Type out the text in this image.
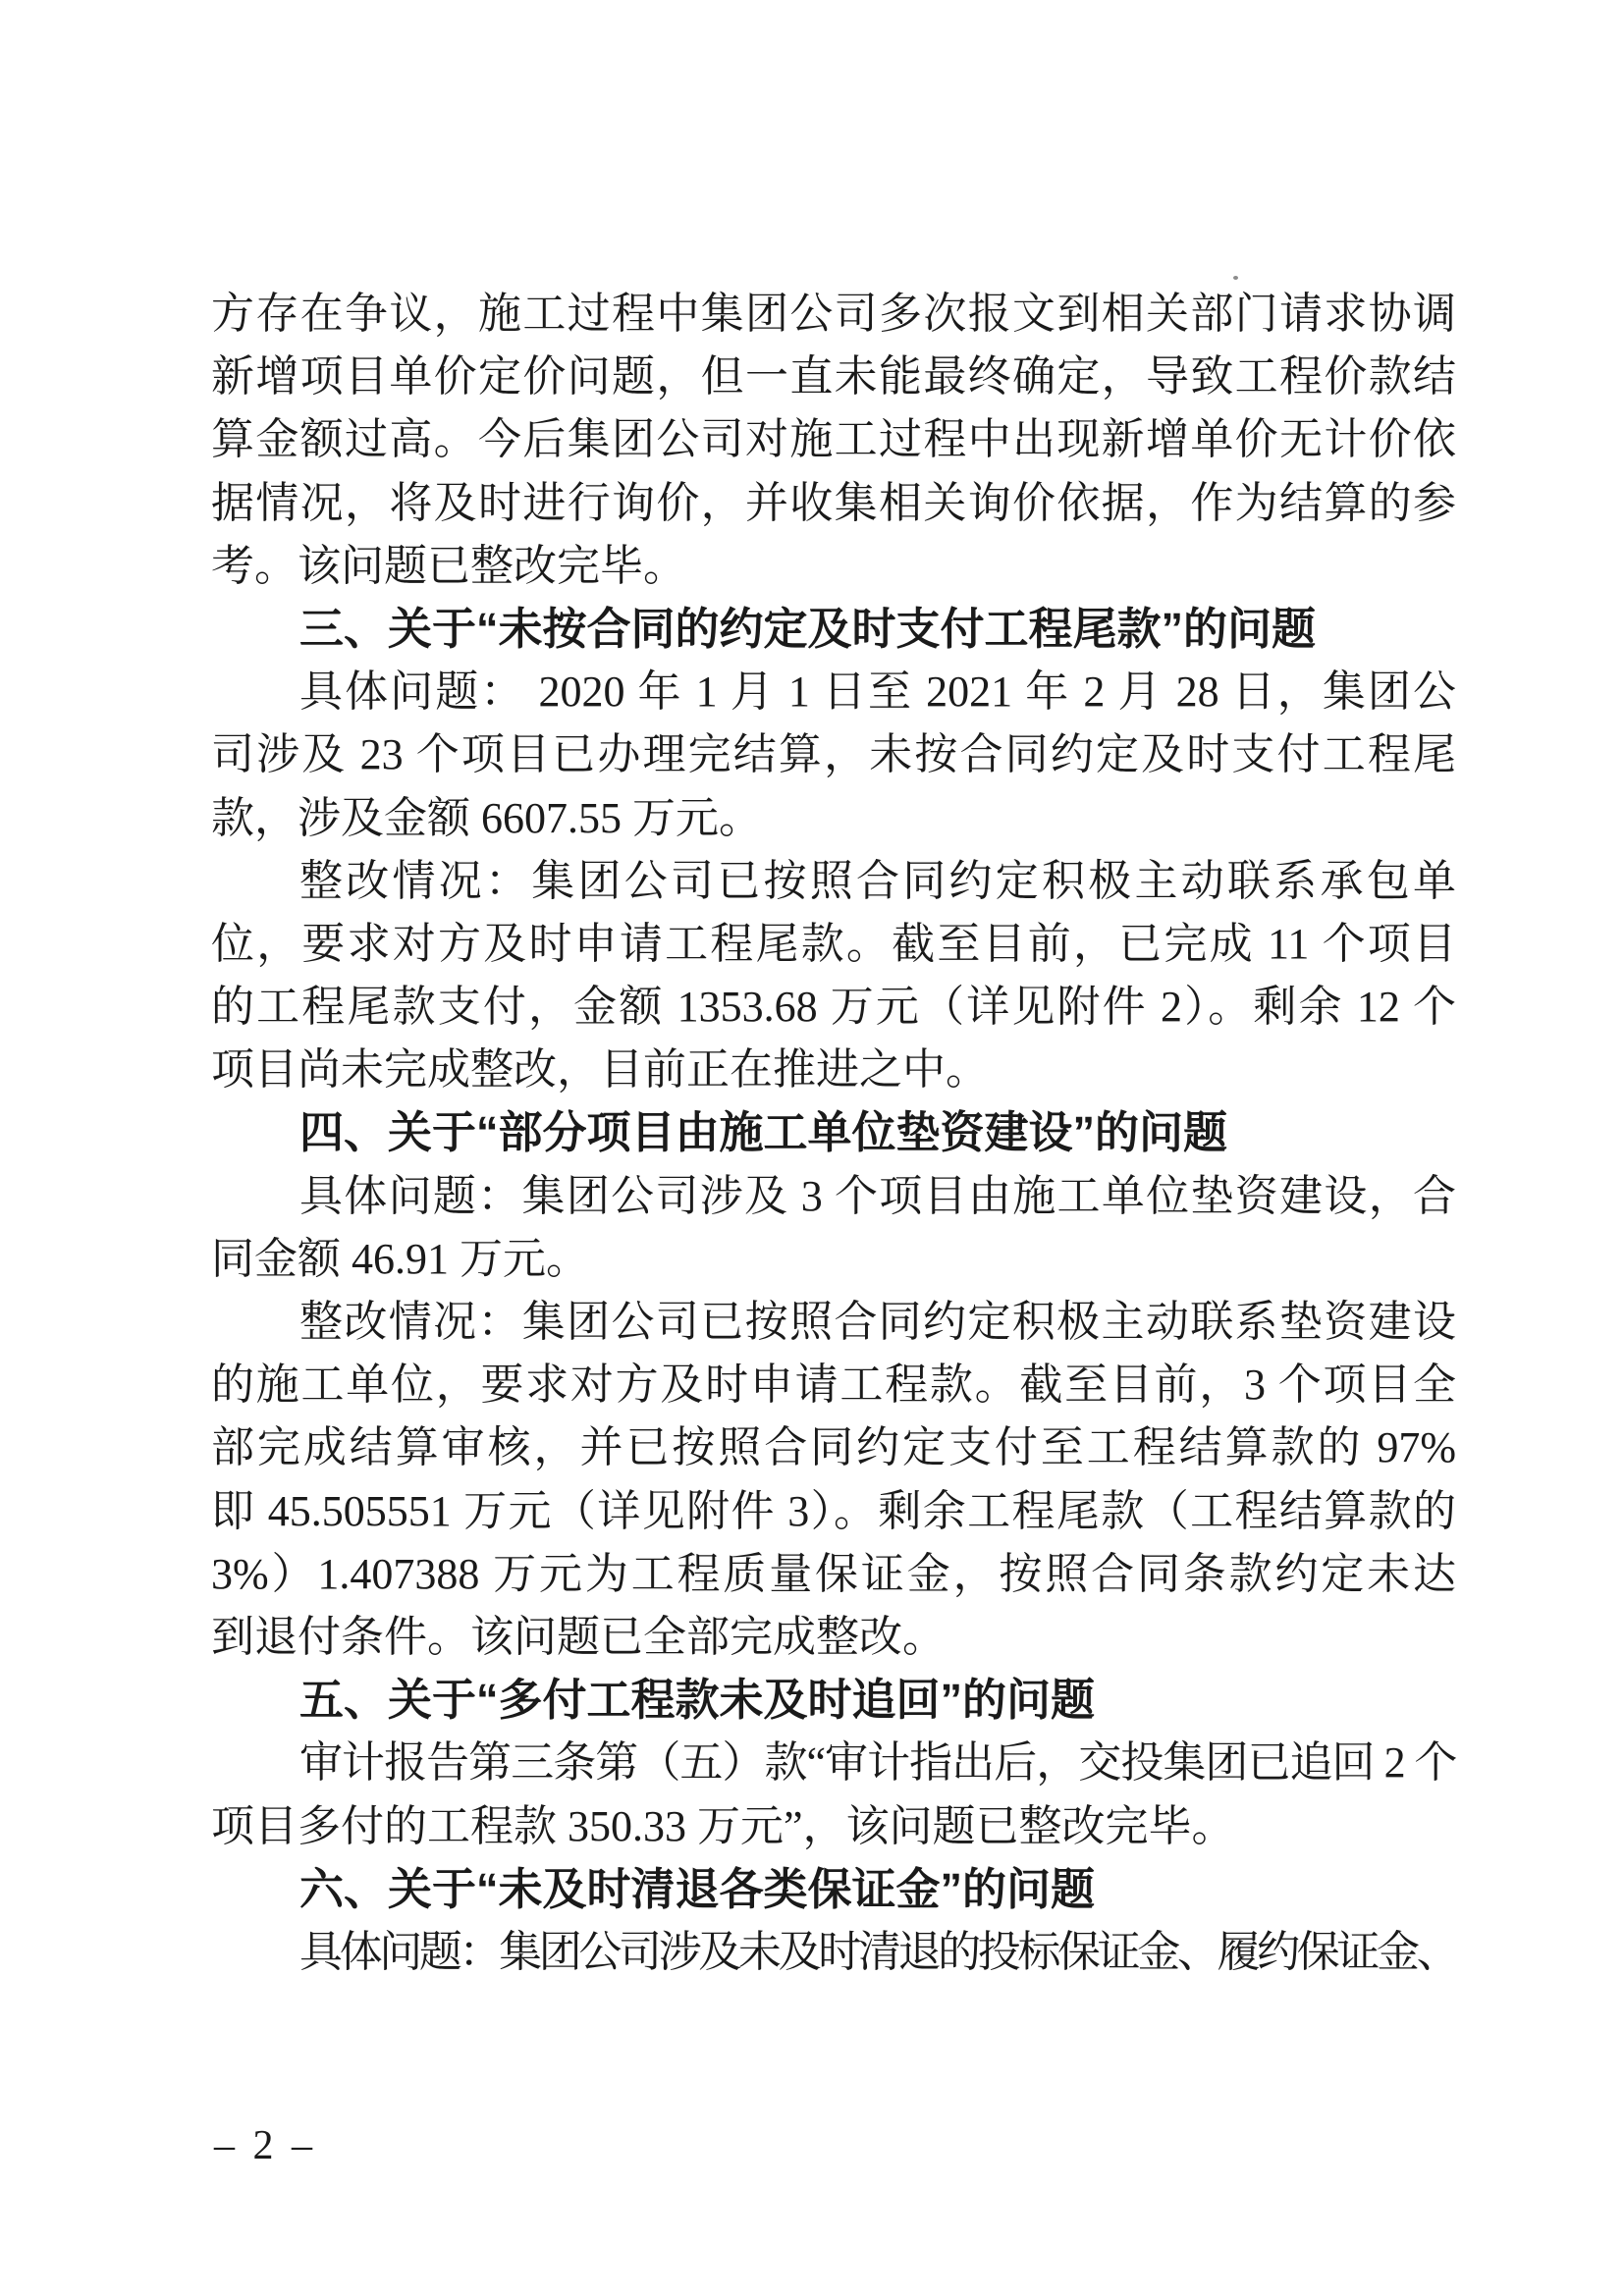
方存在争议，施工过程中集团公司多次报文到相关部门请求协调
新增项目单价定价问题，但一直未能最终确定，导致工程价款结
算金额过高。今后集团公司对施工过程中出现新增单价无计价依
据情况，将及时进行询价，并收集相关询价依据，作为结算的参
考。该问题已整改完毕。
三、关于“未按合同的约定及时支付工程尾款”的问题
具体问题： 2020 年 1 月 1 日至 2021 年 2 月 28 日，集团公
司涉及 23 个项目已办理完结算，未按合同约定及时支付工程尾
款，涉及金额 6607.55 万元。
整改情况：集团公司已按照合同约定积极主动联系承包单
位，要求对方及时申请工程尾款。截至目前，已完成 11 个项目
的工程尾款支付，金额 1353.68 万元（详见附件 2）。剩余 12 个
项目尚未完成整改，目前正在推进之中。
四、关于“部分项目由施工单位垫资建设”的问题
具体问题：集团公司涉及 3 个项目由施工单位垫资建设，合
同金额 46.91 万元。
整改情况：集团公司已按照合同约定积极主动联系垫资建设
的施工单位，要求对方及时申请工程款。截至目前，3 个项目全
部完成结算审核，并已按照合同约定支付至工程结算款的 97%
即 45.505551 万元（详见附件 3）。剩余工程尾款（工程结算款的
3%）1.407388 万元为工程质量保证金，按照合同条款约定未达
到退付条件。该问题已全部完成整改。
五、关于“多付工程款未及时追回”的问题
审计报告第三条第（五）款“审计指出后，交投集团已追回 2 个
项目多付的工程款 350.33 万元”，该问题已整改完毕。
六、关于“未及时清退各类保证金”的问题
具体问题：集团公司涉及未及时清退的投标保证金、履约保证金、
– 2 –
